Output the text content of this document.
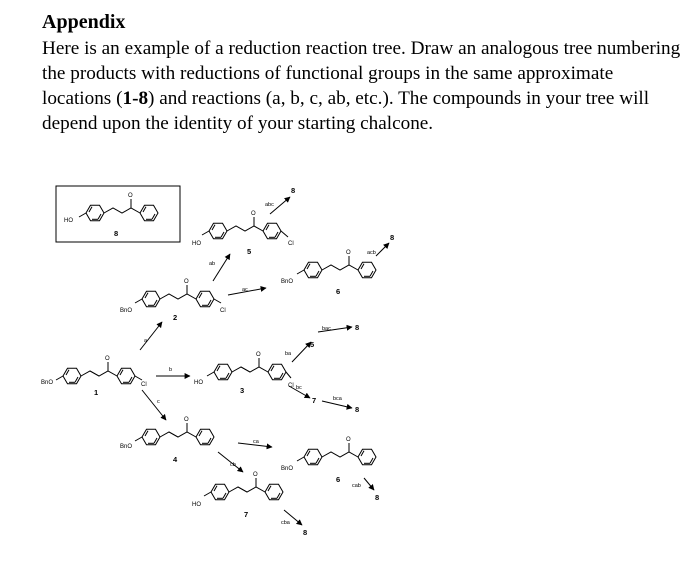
Appendix
Here is an example of a reduction reaction tree. Draw an analogous tree numbering the products with reductions of functional groups in the same approximate locations (1-8) and reactions (a, b, c, ab, etc.). The compounds in your tree will depend upon the identity of your starting chalcone.
HO
O
8
BnO
O
Cl
1
BnO
O
Cl
2
HO
O
Cl
3
BnO
O
4
HO
O
Cl
5
BnO
O
6
BnO
O
6
HO
O
7
a
b
c
ab
ac
abc
8
acb
8
ba
5
bac	8
bc
7	bca
8
ca
cb
cab
8
cba
8
